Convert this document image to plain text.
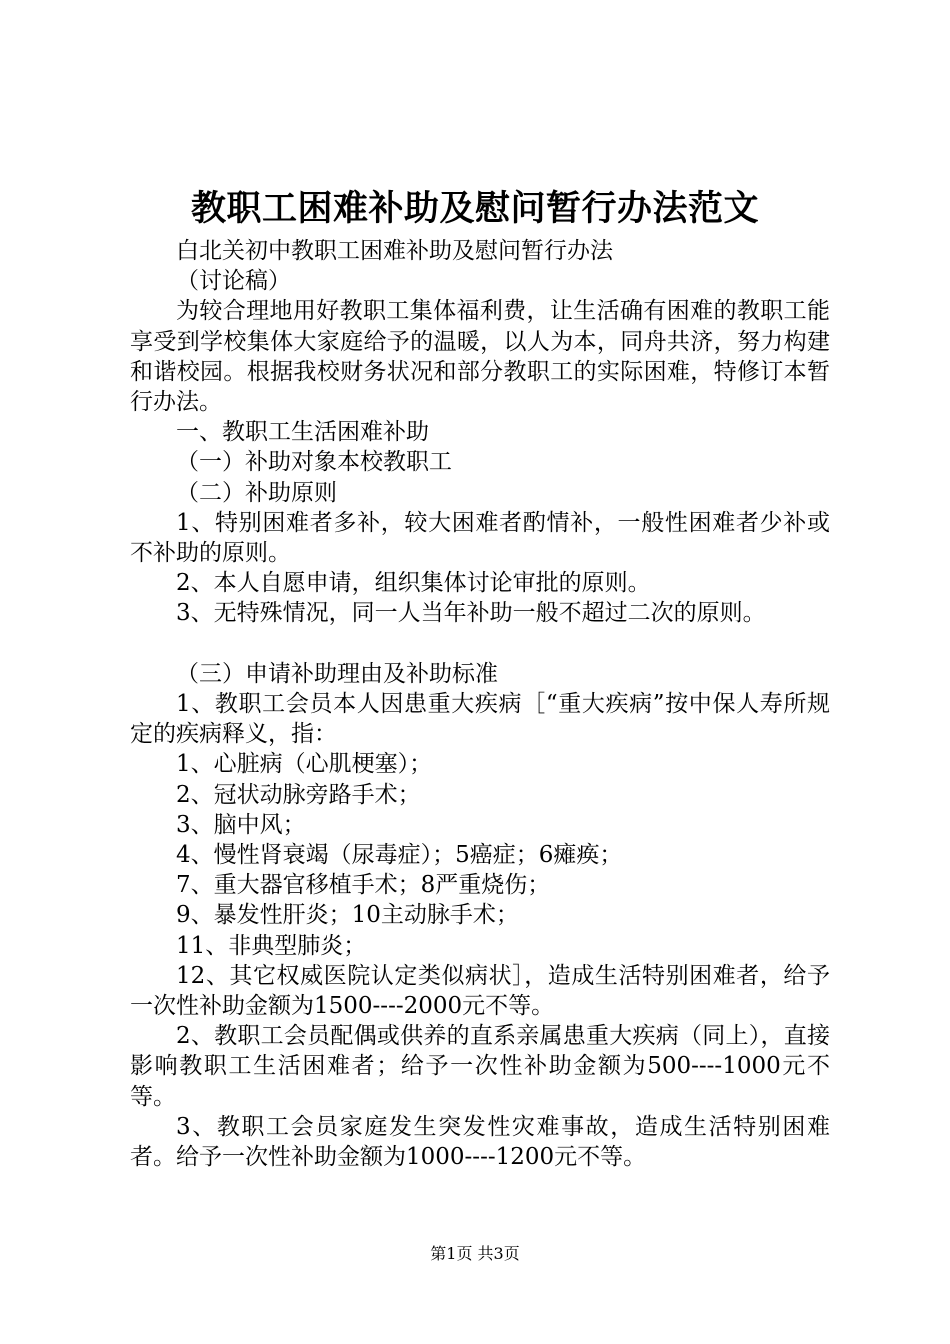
教职工困难补助及慰问暂行办法范文

白北关初中教职工困难补助及慰问暂行办法

（讨论稿）

为较合理地用好教职工集体福利费，让生活确有困难的教职工能享受到学校集体大家庭给予的温暖，以人为本，同舟共济，努力构建和谐校园。根据我校财务状况和部分教职工的实际困难，特修订本暂行办法。

一、教职工生活困难补助

（一）补助对象本校教职工

（二）补助原则

1、特别困难者多补，较大困难者酌情补，一般性困难者少补或不补助的原则。

2、本人自愿申请，组织集体讨论审批的原则。

3、无特殊情况，同一人当年补助一般不超过二次的原则。

（三）申请补助理由及补助标准

1、教职工会员本人因患重大疾病［“重大疾病”按中保人寿所规定的疾病释义，指：

1、心脏病（心肌梗塞）；

2、冠状动脉旁路手术；

3、脑中风；

4、慢性肾衰竭（尿毒症）；5癌症；6瘫痪；

7、重大器官移植手术；8严重烧伤；

9、暴发性肝炎；10主动脉手术；

11、非典型肺炎；

12、其它权威医院认定类似病状］，造成生活特别困难者，给予一次性补助金额为1500----2000元不等。

2、教职工会员配偶或供养的直系亲属患重大疾病（同上），直接影响教职工生活困难者；给予一次性补助金额为500----1000元不等。

3、教职工会员家庭发生突发性灾难事故，造成生活特别困难者。给予一次性补助金额为1000----1200元不等。

第1页 共3页
